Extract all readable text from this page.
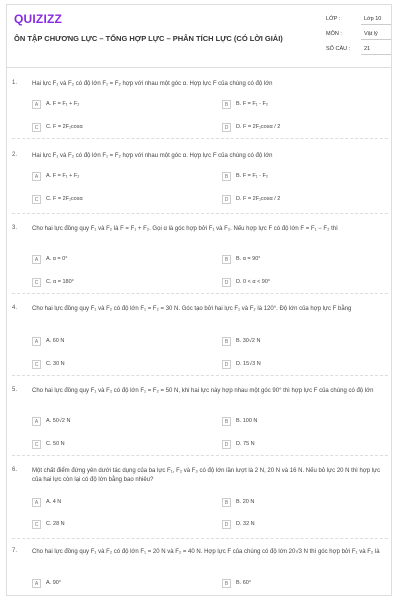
QUIZIZZ
ÔN TẬP CHƯƠNG LỰC – TỔNG HỢP LỰC – PHÂN TÍCH LỰC (CÓ LỜI GIẢI)
LỚP :	Lớp 10
MÔN :	Vật lý
SỐ CÂU :	21
1. Hai lực F₁ và F₂ có độ lớn F₁ = F₂ hợp với nhau một góc α. Hợp lực F của chúng có độ lớn
A	A. F = F₁ + F₂	B	B. F = F₁ - F₂
C	C. F = 2F₁cosα	D	D. F = 2F₁cosα / 2
2. Hai lực F₁ và F₂ có độ lớn F₁ = F₂ hợp với nhau một góc α. Hợp lực F của chúng có độ lớn
A	A. F = F₁ + F₂	B	B. F = F₁ - F₂
C	C. F = 2F₁cosα	D	D. F = 2F₁cosα / 2
3. Cho hai lực đồng quy F₁ và F₂ là F = F₁ + F₂. Gọi α là góc hợp bởi F₁ và F₂. Nếu hợp lực F có độ lớn F = F₁ − F₂ thì
A	A. α = 0°	B	B. α = 90°
C	C. α = 180°	D	D. 0 < α < 90°
4. Cho hai lực đồng quy F₁ và F₂ có độ lớn F₁ = F₂ = 30 N. Góc tạo bởi hai lực F₁ và F₂ là 120°. Độ lớn của hợp lực F bằng
A	A. 60 N	B	B. 30√2 N
C	C. 30 N	D	D. 15√3 N
5. Cho hai lực đồng quy F₁ và F₂ có độ lớn F₁ = F₂ = 50 N, khi hai lực này hợp nhau một góc 90° thì hợp lực F của chúng có độ lớn
A	A. 50√2 N	B	B. 100 N
C	C. 50 N	D	D. 75 N
6. Một chất điểm đứng yên dưới tác dụng của ba lực F₁, F₂ và F₃ có độ lớn lần lượt là 2 N, 20 N và 16 N. Nếu bỏ lực 20 N thì hợp lực của hai lực còn lại có độ lớn bằng bao nhiêu?
A	A. 4 N	B	B. 20 N
C	C. 28 N	D	D. 32 N
7. Cho hai lực đồng quy F₁ và F₂ có độ lớn F₁ = 20 N và F₂ = 40 N. Hợp lực F của chúng có độ lớn 20√3 N thì góc hợp bởi F₁ và F₂ là
A	A. 90°	B	B. 60°
